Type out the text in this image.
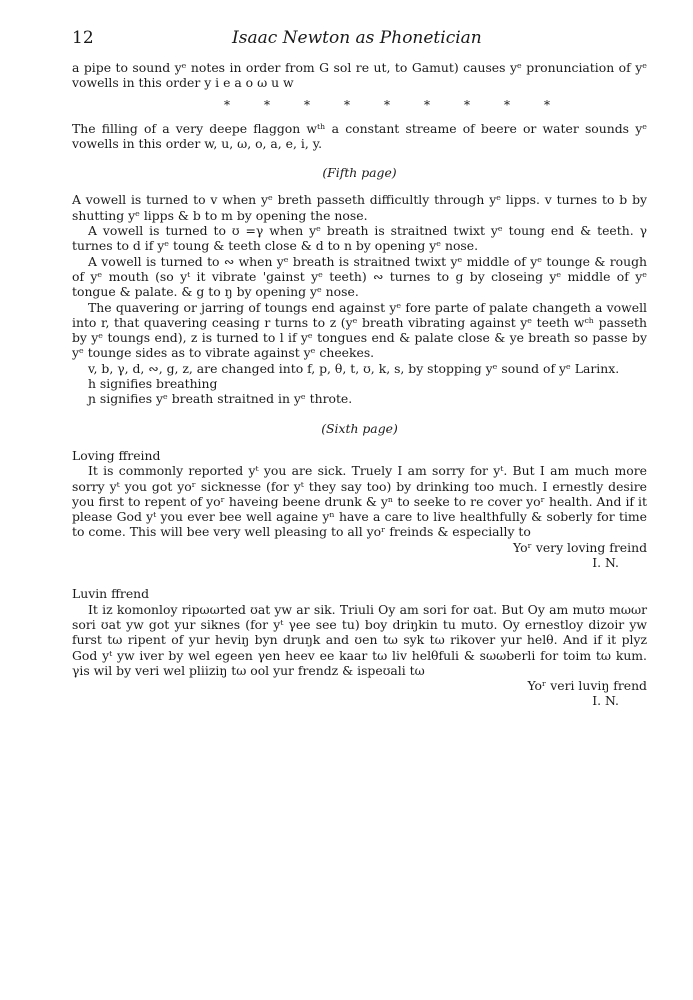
12	Isaac Newton as Phonetician

a pipe to sound yᵉ notes in order from G sol re ut, to Gamut) causes yᵉ pronunciation of yᵉ vowells in this order y i e a o ω u w

*	*	*	*	*	*	*	*	*

The filling of a very deepe flaggon wᵗʰ a constant streame of beere or water sounds yᵉ vowells in this order w, u, ω, o, a, e, i, y.

(Fifth page)

A vowell is turned to v when yᵉ breth passeth difficultly through yᵉ lipps. v turnes to b by shutting yᵉ lipps & b to m by opening the nose.

A vowell is turned to ʊ =γ when yᵉ breath is straitned twixt yᵉ toung end & teeth. γ turnes to d if yᵉ toung & teeth close & d to n by opening yᵉ nose.

A vowell is turned to ∾ when yᵉ breath is straitned twixt yᵉ middle of yᵉ tounge & rough of yᵉ mouth (so yᵗ it vibrate 'gainst yᵉ teeth) ∾ turnes to g by closeing yᵉ middle of yᵉ tongue & palate. & g to ŋ by opening yᵉ nose.

The quavering or jarring of toungs end against yᵉ fore parte of palate changeth a vowell into r, that quavering ceasing r turns to z (yᵉ breath vibrating against yᵉ teeth wᶜʰ passeth by yᵉ toungs end), z is turned to l if yᵉ tongues end & palate close & ye breath so passe by yᵉ tounge sides as to vibrate against yᵉ cheekes.

v, b, γ, d, ∾, g, z, are changed into f, p, θ, t, ʊ, k, s, by stopping yᵉ sound of yᵉ Larinx.

h signifies breathing

ɲ signifies yᵉ breath straitned in yᵉ throte.

(Sixth page)

Loving ffreind

It is commonly reported yᵗ you are sick. Truely I am sorry for yᵗ. But I am much more sorry yᵗ you got yoʳ sicknesse (for yᵗ they say too) by drinking too much. I ernestly desire you first to repent of yoʳ haveing beene drunk & yⁿ to seeke to re cover yoʳ health. And if it please God yᵗ you ever bee well againe yⁿ have a care to live healthfully & soberly for time to come. This will bee very well pleasing to all yoʳ freinds & especially to

Yoʳ very loving freind

I. N.

Luvin ffrend

It iz komonloy ripωωrted ʊat yw ar sik. Triuli Oy am sori for ʊat. But Oy am mutʊ mωωr sori ʊat yw got yur siknes (for yᵗ γee see tu) boy driŋkin tu mutʊ. Oy ernestloy dizoir yw furst tω ripent of yur heviŋ byn druŋk and ʊen tω syk tω rikover yur helθ. And if it plyz God yᵗ yw iver by wel egeen γen heev ee kaar tω liv helθfuli & sωωberli for toim tω kum. γis wil by veri wel pliiziŋ tω ool yur frendz & ispeʊali tω

Yoʳ veri luviŋ frend

I. N.
